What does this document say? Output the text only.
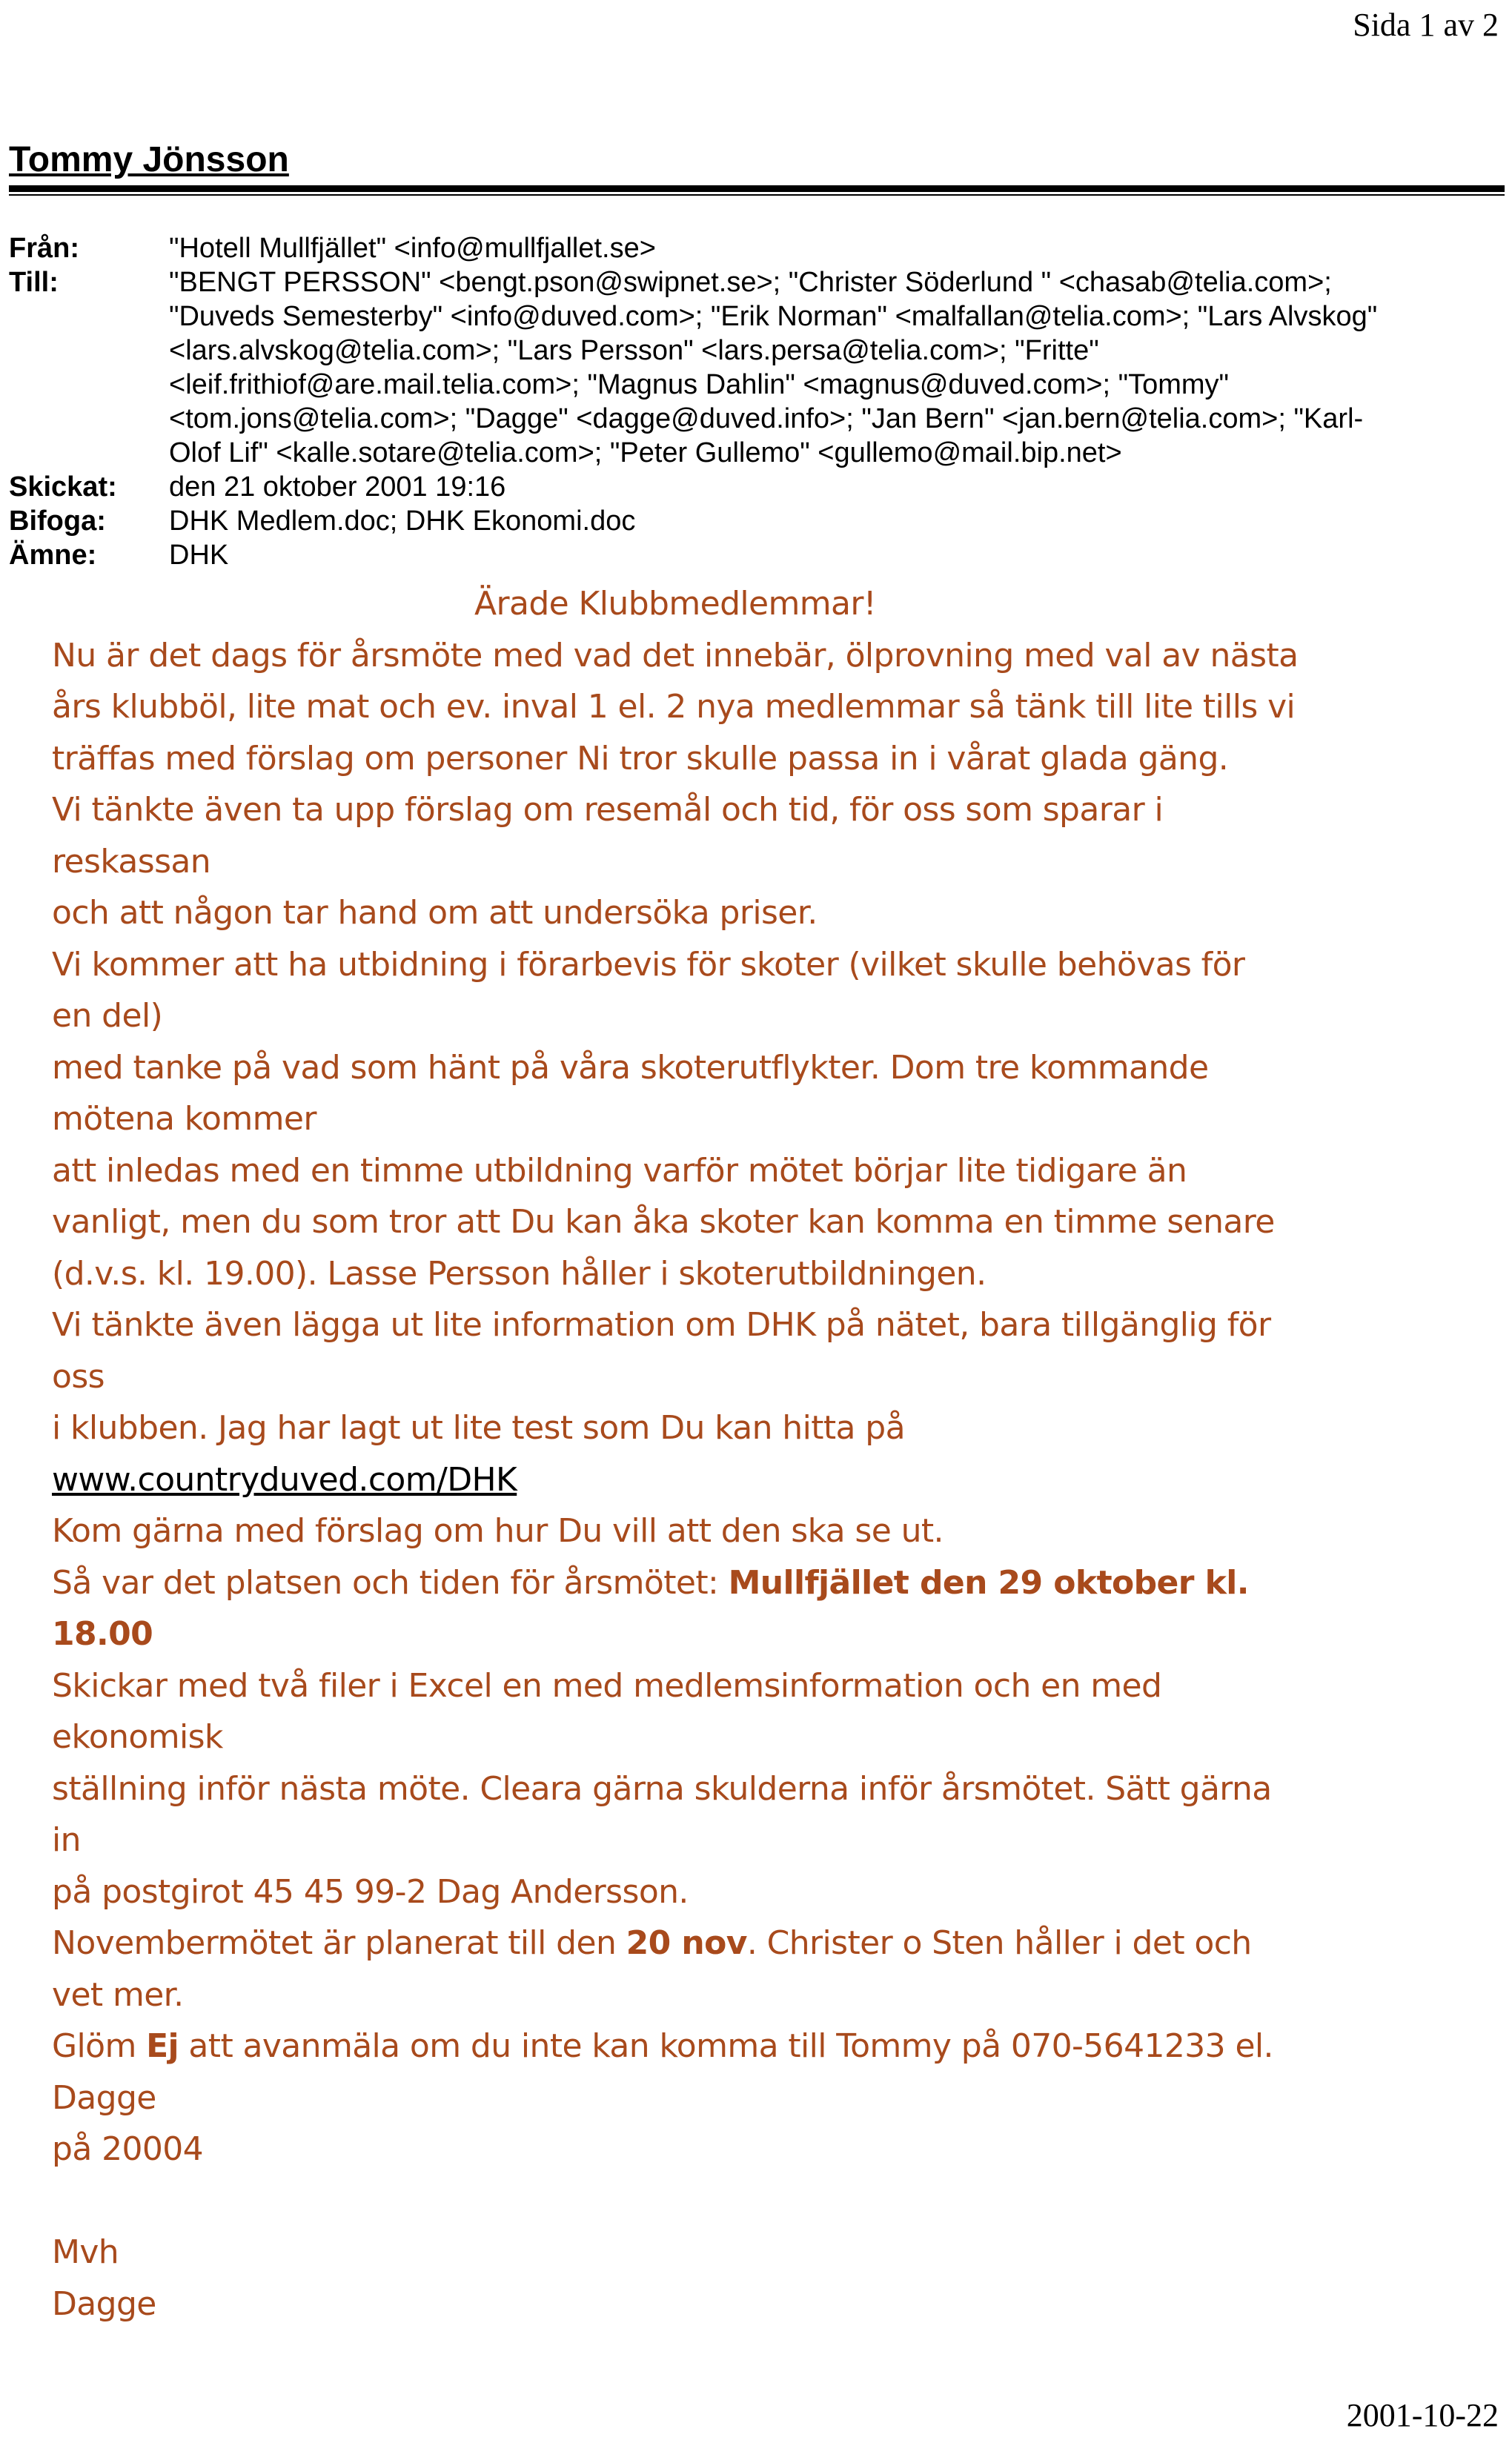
Sida 1 av 2
Tommy Jönsson
Från:	"Hotell Mullfjället" <info@mullfjallet.se>
Till:	"BENGT PERSSON" <bengt.pson@swipnet.se>; "Christer Söderlund " <chasab@telia.com>;
"Duveds Semesterby" <info@duved.com>; "Erik Norman" <malfallan@telia.com>; "Lars Alvskog"
<lars.alvskog@telia.com>; "Lars Persson" <lars.persa@telia.com>; "Fritte"
<leif.frithiof@are.mail.telia.com>; "Magnus Dahlin" <magnus@duved.com>; "Tommy"
<tom.jons@telia.com>; "Dagge" <dagge@duved.info>; "Jan Bern" <jan.bern@telia.com>; "Karl-
Olof Lif" <kalle.sotare@telia.com>; "Peter Gullemo" <gullemo@mail.bip.net>
Skickat:	den 21 oktober 2001 19:16
Bifoga:	DHK Medlem.doc; DHK Ekonomi.doc
Ämne:	DHK
Ärade Klubbmedlemmar!
Nu är det dags för årsmöte med vad det innebär, ölprovning med val av nästa
års klubböl, lite mat och ev. inval 1 el. 2 nya medlemmar så tänk till lite tills vi
träffas med förslag om personer Ni tror skulle passa in i vårat glada gäng.
Vi tänkte även ta upp förslag om resemål och tid, för oss som sparar i
reskassan
och att någon tar hand om att undersöka priser.
Vi kommer att ha utbidning i förarbevis för skoter (vilket skulle behövas för
en del)
med tanke på vad som hänt på våra skoterutflykter. Dom tre kommande
mötena kommer
att inledas med en timme utbildning varför mötet börjar lite tidigare än
vanligt, men du som tror att Du kan åka skoter kan komma en timme senare
(d.v.s. kl. 19.00). Lasse Persson håller i skoterutbildningen.
Vi tänkte även lägga ut lite information om DHK på nätet, bara tillgänglig för
oss
i klubben. Jag har lagt ut lite test som Du kan hitta på
www.countryduved.com/DHK
Kom gärna med förslag om hur Du vill att den ska se ut.
Så var det platsen och tiden för årsmötet: Mullfjället den 29 oktober kl.
18.00
Skickar med två filer i Excel en med medlemsinformation och en med
ekonomisk
ställning inför nästa möte. Cleara gärna skulderna inför årsmötet. Sätt gärna
in
på postgirot 45 45 99-2 Dag Andersson.
Novembermötet är planerat till den 20 nov. Christer o Sten håller i det och
vet mer.
Glöm Ej att avanmäla om du inte kan komma till Tommy på 070-5641233 el.
Dagge
på 20004
Mvh
Dagge
2001-10-22
